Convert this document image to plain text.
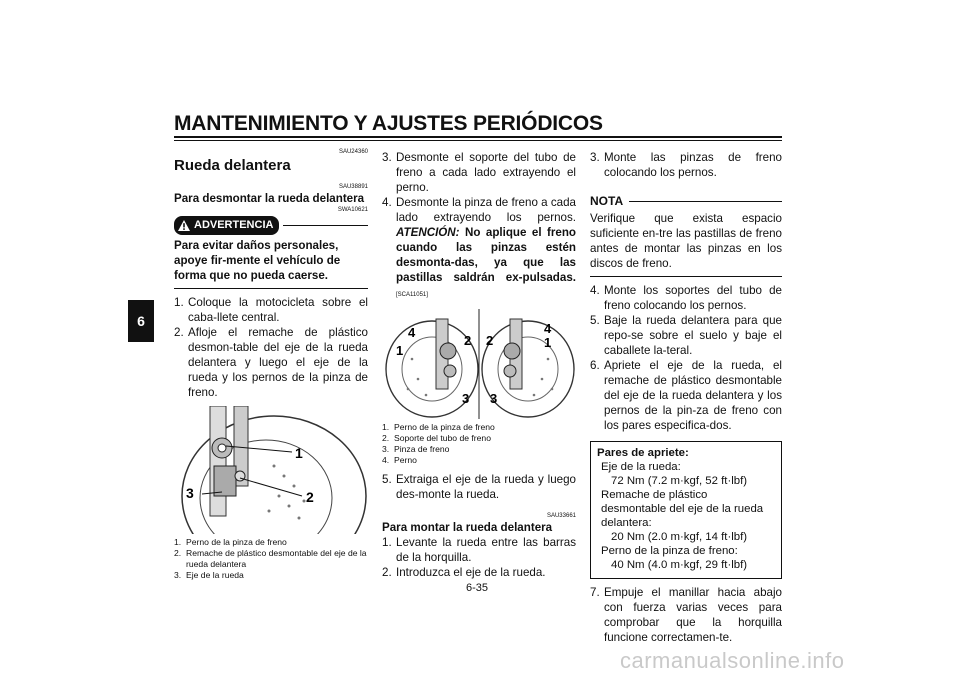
MANTENIMIENTO Y AJUSTES PERIÓDICOS
6
SAU24360
Rueda delantera
SAU38891
Para desmontar la rueda delantera
SWA10621
ADVERTENCIA
Para evitar daños personales, apoye fir-mente el vehículo de forma que no pueda caerse.
1. Coloque la motocicleta sobre el caba-llete central.
2. Afloje el remache de plástico desmon-table del eje de la rueda delantera y luego el eje de la rueda y los pernos de la pinza de freno.
1
2
3
1. Perno de la pinza de freno
2. Remache de plástico desmontable del eje de la rueda delantera
3. Eje de la rueda
3. Desmonte el soporte del tubo de freno a cada lado extrayendo el perno.
4. Desmonte la pinza de freno a cada lado extrayendo los pernos. ATENCIÓN: No aplique el freno cuando las pinzas estén desmonta-das, ya que las pastillas saldrán ex-pulsadas. [SCA11051]
4
1
2
3
2
4
1
3
1. Perno de la pinza de freno
2. Soporte del tubo de freno
3. Pinza de freno
4. Perno
5. Extraiga el eje de la rueda y luego des-monte la rueda.
SAU33661
Para montar la rueda delantera
1. Levante la rueda entre las barras de la horquilla.
2. Introduzca el eje de la rueda.
3. Monte las pinzas de freno colocando los pernos.
NOTA
Verifique que exista espacio suficiente en-tre las pastillas de freno antes de montar las pinzas en los discos de freno.
4. Monte los soportes del tubo de freno colocando los pernos.
5. Baje la rueda delantera para que repo-se sobre el suelo y baje el caballete la-teral.
6. Apriete el eje de la rueda, el remache de plástico desmontable del eje de la rueda delantera y los pernos de la pin-za de freno con los pares especifica-dos.
Pares de apriete:
Eje de la rueda:
72 Nm (7.2 m·kgf, 52 ft·lbf)
Remache de plástico desmontable del eje de la rueda delantera:
20 Nm (2.0 m·kgf, 14 ft·lbf)
Perno de la pinza de freno:
40 Nm (4.0 m·kgf, 29 ft·lbf)
7. Empuje el manillar hacia abajo con fuerza varias veces para comprobar que la horquilla funcione correctamen-te.
6-35
carmanualsonline.info
